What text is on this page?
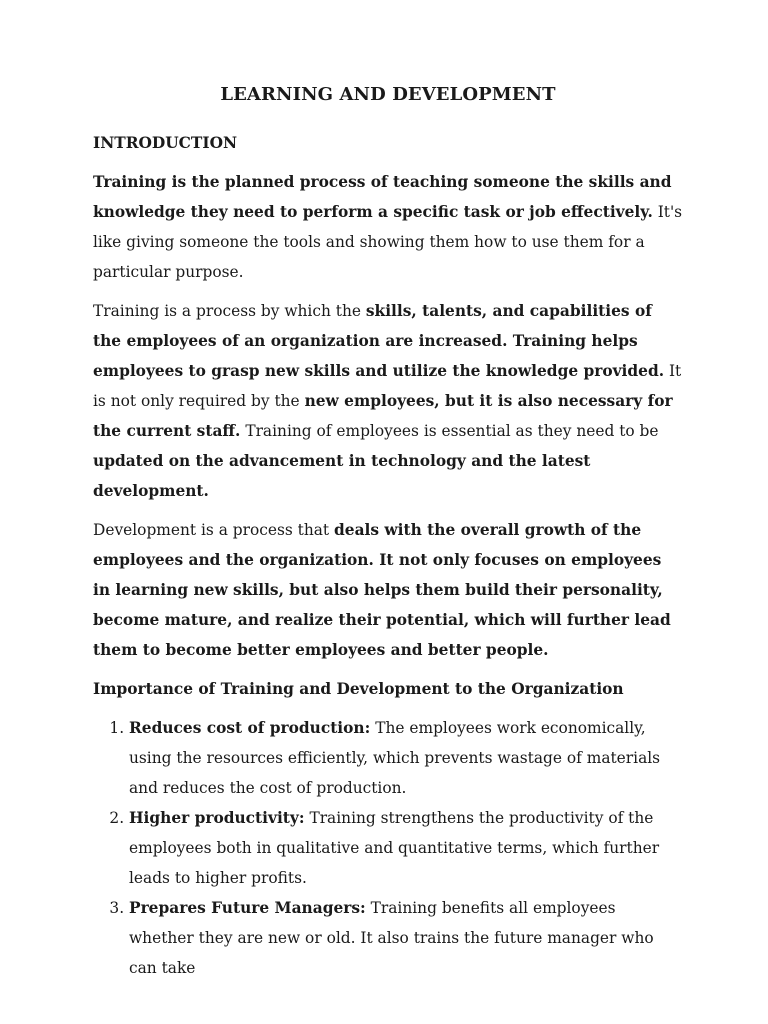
LEARNING AND DEVELOPMENT
INTRODUCTION

Training is the planned process of teaching someone the skills and knowledge they need to perform a specific task or job effectively. It's like giving someone the tools and showing them how to use them for a particular purpose.

Training is a process by which the skills, talents, and capabilities of the employees of an organization are increased. Training helps employees to grasp new skills and utilize the knowledge provided. It is not only required by the new employees, but it is also necessary for the current staff. Training of employees is essential as they need to be updated on the advancement in technology and the latest development.

Development is a process that deals with the overall growth of the employees and the organization. It not only focuses on employees in learning new skills, but also helps them build their personality, become mature, and realize their potential, which will further lead them to become better employees and better people.

Importance of Training and Development to the Organization
1. Reduces cost of production: The employees work economically, using the resources efficiently, which prevents wastage of materials and reduces the cost of production.
2. Higher productivity: Training strengthens the productivity of the employees both in qualitative and quantitative terms, which further leads to higher profits.
3. Prepares Future Managers: Training benefits all employees whether they are new or old. It also trains the future manager who can take
